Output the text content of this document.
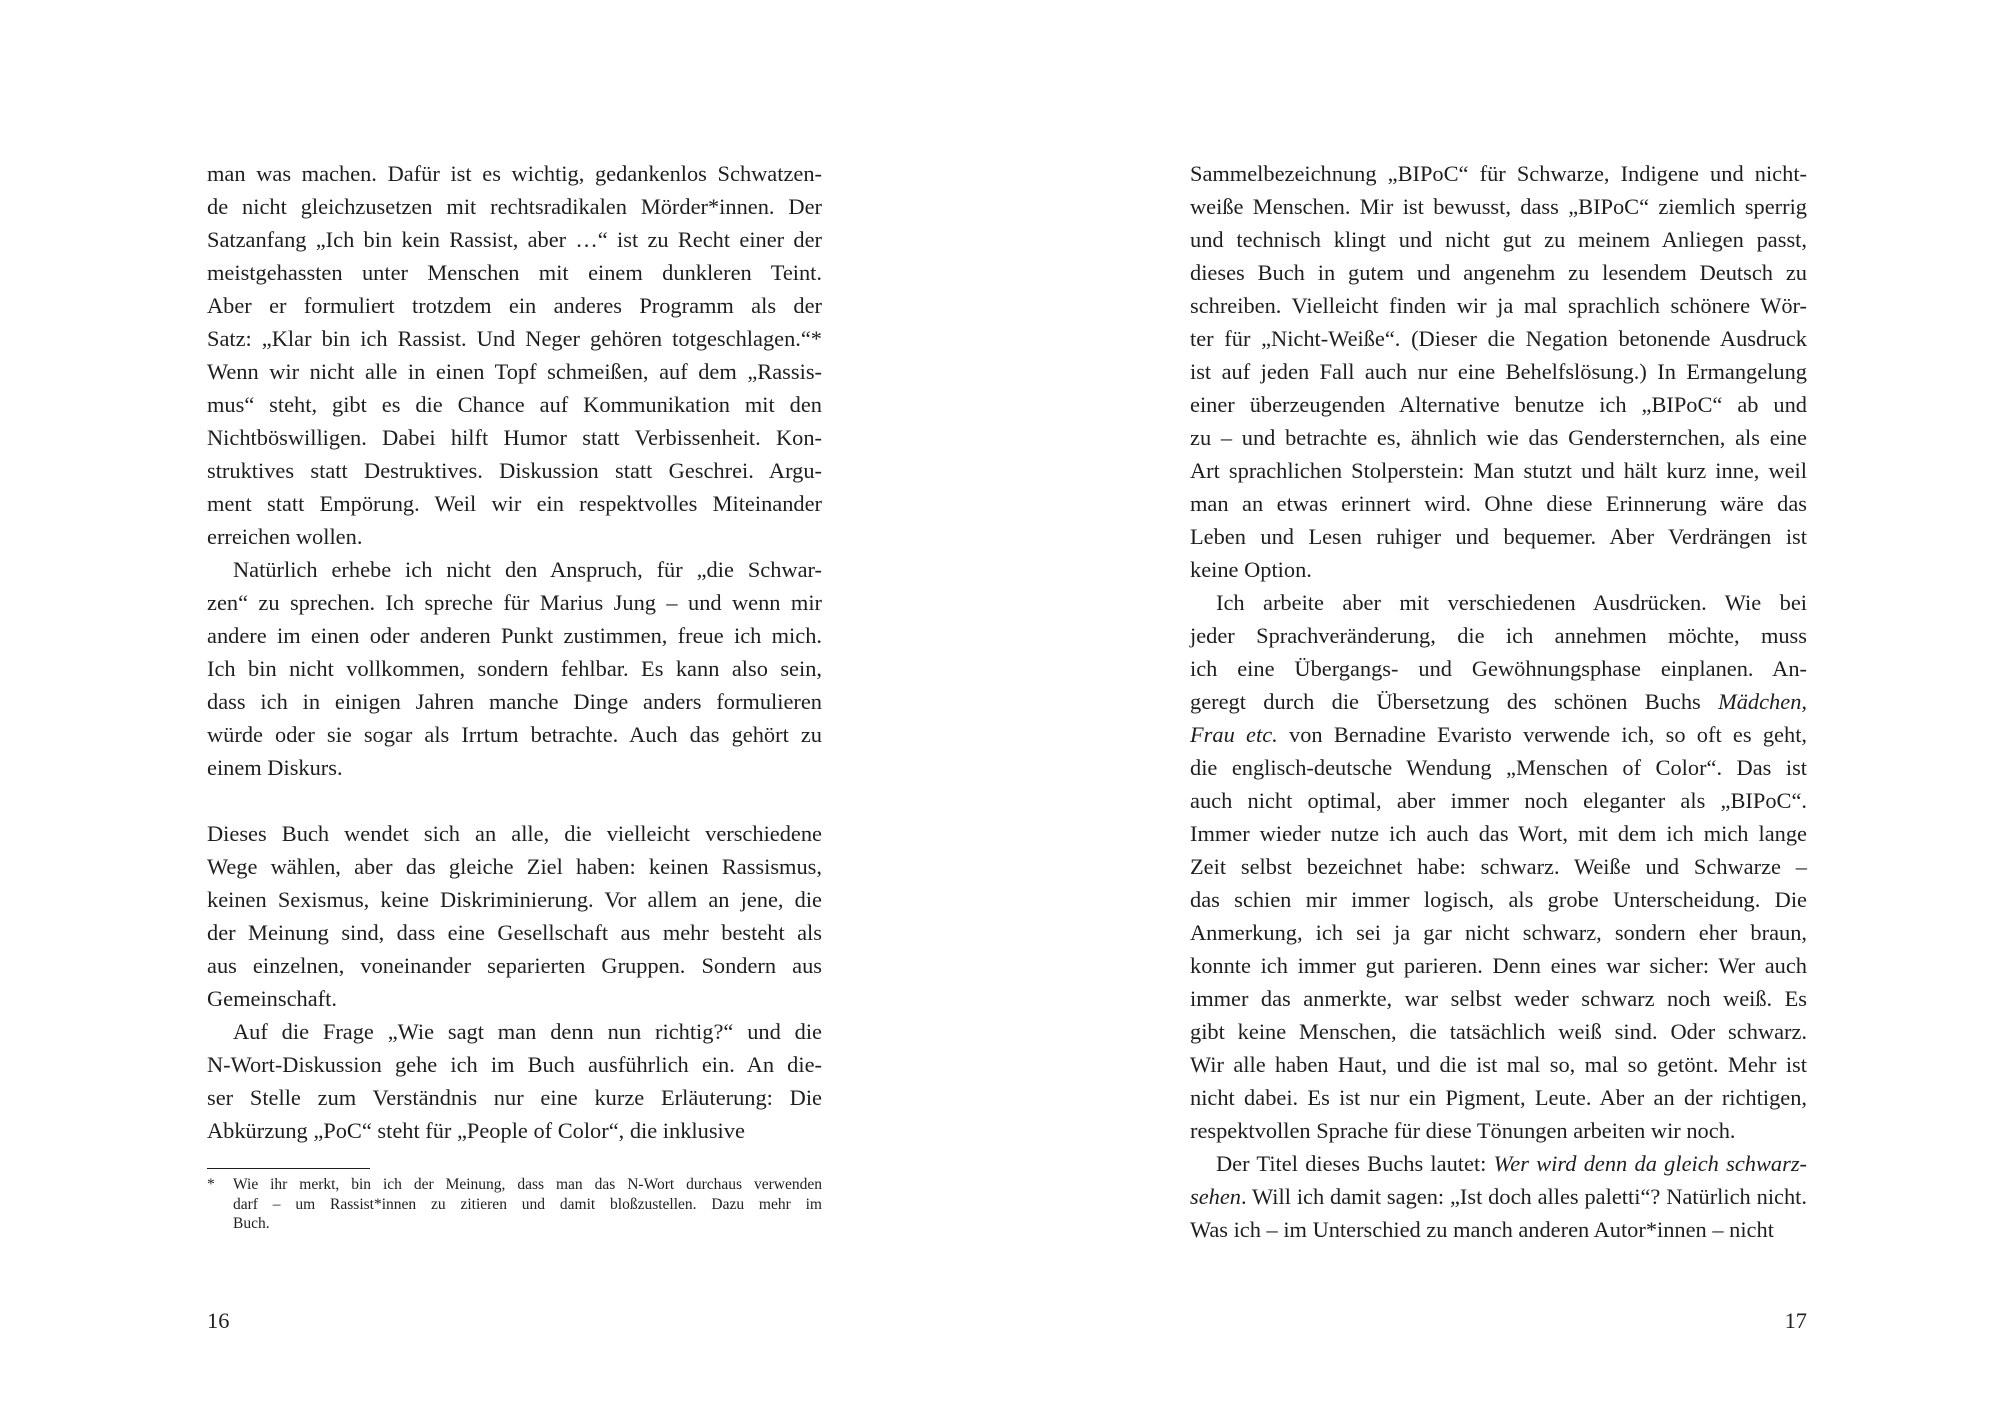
man was machen. Dafür ist es wichtig, gedankenlos Schwatzen-
de nicht gleichzusetzen mit rechtsradikalen Mörder*innen. Der
Satzanfang „Ich bin kein Rassist, aber …“ ist zu Recht einer der
meistgehassten unter Menschen mit einem dunkleren Teint.
Aber er formuliert trotzdem ein anderes Programm als der
Satz: „Klar bin ich Rassist. Und Neger gehören totgeschlagen.“*
Wenn wir nicht alle in einen Topf schmeißen, auf dem „Rassis-
mus“ steht, gibt es die Chance auf Kommunikation mit den
Nichtböswilligen. Dabei hilft Humor statt Verbissenheit. Kon-
struktives statt Destruktives. Diskussion statt Geschrei. Argu-
ment statt Empörung. Weil wir ein respektvolles Miteinander
erreichen wollen.
Natürlich erhebe ich nicht den Anspruch, für „die Schwar-
zen“ zu sprechen. Ich spreche für Marius Jung – und wenn mir
andere im einen oder anderen Punkt zustimmen, freue ich mich.
Ich bin nicht vollkommen, sondern fehlbar. Es kann also sein,
dass ich in einigen Jahren manche Dinge anders formulieren
würde oder sie sogar als Irrtum betrachte. Auch das gehört zu
einem Diskurs.
Dieses Buch wendet sich an alle, die vielleicht verschiedene
Wege wählen, aber das gleiche Ziel haben: keinen Rassismus,
keinen Sexismus, keine Diskriminierung. Vor allem an jene, die
der Meinung sind, dass eine Gesellschaft aus mehr besteht als
aus einzelnen, voneinander separierten Gruppen. Sondern aus
Gemeinschaft.
Auf die Frage „Wie sagt man denn nun richtig?“ und die
N-Wort-Diskussion gehe ich im Buch ausführlich ein. An die-
ser Stelle zum Verständnis nur eine kurze Erläuterung: Die
Abkürzung „PoC“ steht für „People of Color“, die inklusive
*	Wie ihr merkt, bin ich der Meinung, dass man das N-Wort durchaus verwenden
darf – um Rassist*innen zu zitieren und damit bloßzustellen. Dazu mehr im
Buch.
16
Sammelbezeichnung „BIPoC“ für Schwarze, Indigene und nicht-
weiße Menschen. Mir ist bewusst, dass „BIPoC“ ziemlich sperrig
und technisch klingt und nicht gut zu meinem Anliegen passt,
dieses Buch in gutem und angenehm zu lesendem Deutsch zu
schreiben. Vielleicht finden wir ja mal sprachlich schönere Wör-
ter für „Nicht-Weiße“. (Dieser die Negation betonende Ausdruck
ist auf jeden Fall auch nur eine Behelfslösung.) In Ermangelung
einer überzeugenden Alternative benutze ich „BIPoC“ ab und
zu – und betrachte es, ähnlich wie das Gendersternchen, als eine
Art sprachlichen Stolperstein: Man stutzt und hält kurz inne, weil
man an etwas erinnert wird. Ohne diese Erinnerung wäre das
Leben und Lesen ruhiger und bequemer. Aber Verdrängen ist
keine Option.
Ich arbeite aber mit verschiedenen Ausdrücken. Wie bei
jeder Sprachveränderung, die ich annehmen möchte, muss
ich eine Übergangs- und Gewöhnungsphase einplanen. An-
geregt durch die Übersetzung des schönen Buchs Mädchen,
Frau etc. von Bernadine Evaristo verwende ich, so oft es geht,
die englisch-deutsche Wendung „Menschen of Color“. Das ist
auch nicht optimal, aber immer noch eleganter als „BIPoC“.
Immer wieder nutze ich auch das Wort, mit dem ich mich lange
Zeit selbst bezeichnet habe: schwarz. Weiße und Schwarze –
das schien mir immer logisch, als grobe Unterscheidung. Die
Anmerkung, ich sei ja gar nicht schwarz, sondern eher braun,
konnte ich immer gut parieren. Denn eines war sicher: Wer auch
immer das anmerkte, war selbst weder schwarz noch weiß. Es
gibt keine Menschen, die tatsächlich weiß sind. Oder schwarz.
Wir alle haben Haut, und die ist mal so, mal so getönt. Mehr ist
nicht dabei. Es ist nur ein Pigment, Leute. Aber an der richtigen,
respektvollen Sprache für diese Tönungen arbeiten wir noch.
Der Titel dieses Buchs lautet: Wer wird denn da gleich schwarz-
sehen. Will ich damit sagen: „Ist doch alles paletti“? Natürlich nicht.
Was ich – im Unterschied zu manch anderen Autor*innen – nicht
17
